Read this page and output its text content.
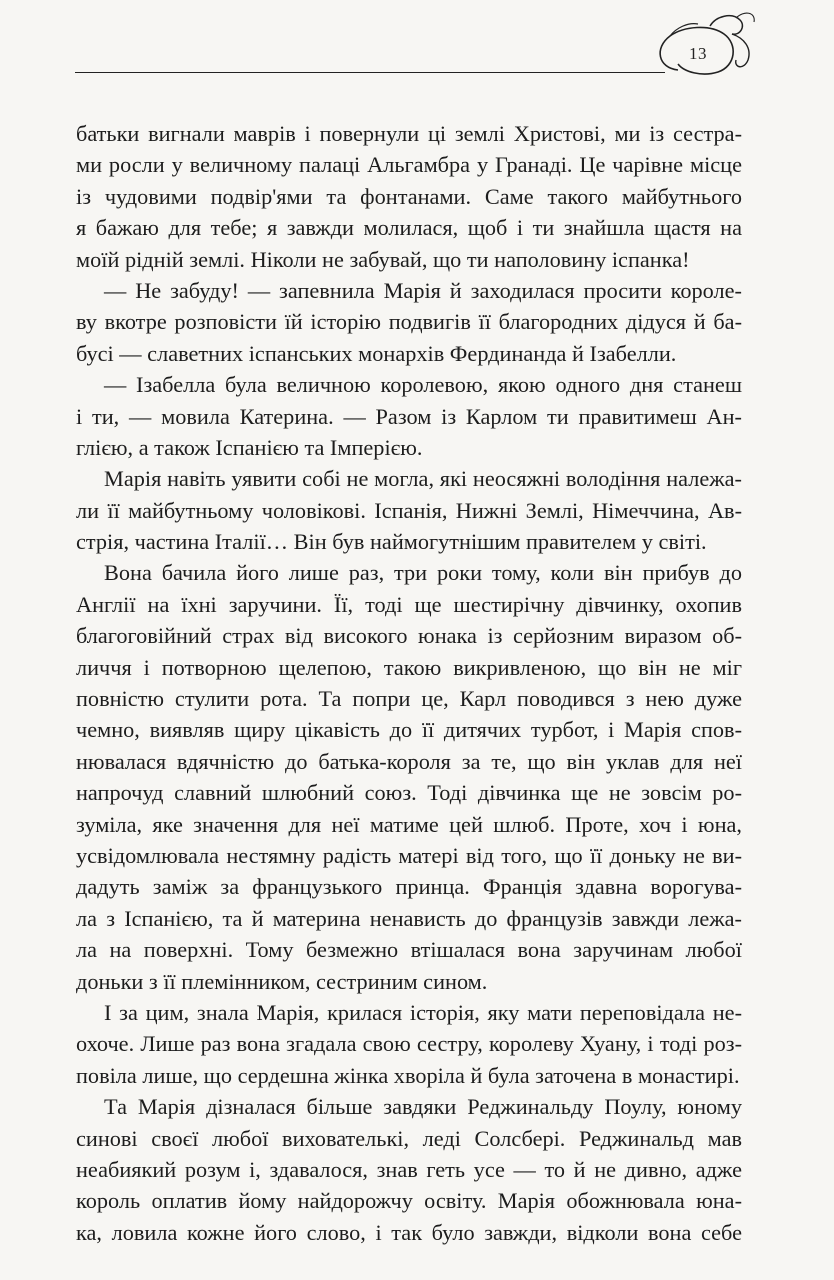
13
батьки вигнали маврів і повернули ці землі Христові, ми із сестра-
ми росли у величному палаці Альгамбра у Гранаді. Це чарівне місце
із чудовими подвір'ями та фонтанами. Саме такого майбутнього
я бажаю для тебе; я завжди молилася, щоб і ти знайшла щастя на
моїй рідній землі. Ніколи не забувай, що ти наполовину іспанка!
— Не забуду! — запевнила Марія й заходилася просити короле-
ву вкотре розповісти їй історію подвигів її благородних дідуся й ба-
бусі — славетних іспанських монархів Фердинанда й Ізабелли.
— Ізабелла була величною королевою, якою одного дня станеш
і ти, — мовила Катерина. — Разом із Карлом ти правитимеш Ан-
глією, а також Іспанією та Імперією.
Марія навіть уявити собі не могла, які неосяжні володіння належа-
ли її майбутньому чоловікові. Іспанія, Нижні Землі, Німеччина, Ав-
стрія, частина Італії… Він був наймогутнішим правителем у світі.
Вона бачила його лише раз, три роки тому, коли він прибув до
Англії на їхні заручини. Її, тоді ще шестирічну дівчинку, охопив
благоговійний страх від високого юнака із серйозним виразом об-
личчя і потворною щелепою, такою викривленою, що він не міг
повністю стулити рота. Та попри це, Карл поводився з нею дуже
чемно, виявляв щиру цікавість до її дитячих турбот, і Марія спов-
нювалася вдячністю до батька-короля за те, що він уклав для неї
напрочуд славний шлюбний союз. Тоді дівчинка ще не зовсім ро-
зуміла, яке значення для неї матиме цей шлюб. Проте, хоч і юна,
усвідомлювала нестямну радість матері від того, що її доньку не ви-
дадуть заміж за французького принца. Франція здавна ворогува-
ла з Іспанією, та й материна ненависть до французів завжди лежа-
ла на поверхні. Тому безмежно втішалася вона заручинам любої
доньки з її племінником, сестриним сином.
І за цим, знала Марія, крилася історія, яку мати переповідала не-
охоче. Лише раз вона згадала свою сестру, королеву Хуану, і тоді роз-
повіла лише, що сердешна жінка хворіла й була заточена в монастирі.
Та Марія дізналася більше завдяки Реджинальду Поулу, юному
синові своєї любої вихователькі, леді Солсбері. Реджинальд мав
неабиякий розум і, здавалося, знав геть усе — то й не дивно, адже
король оплатив йому найдорожчу освіту. Марія обожнювала юна-
ка, ловила кожне його слово, і так було завжди, відколи вона себе
